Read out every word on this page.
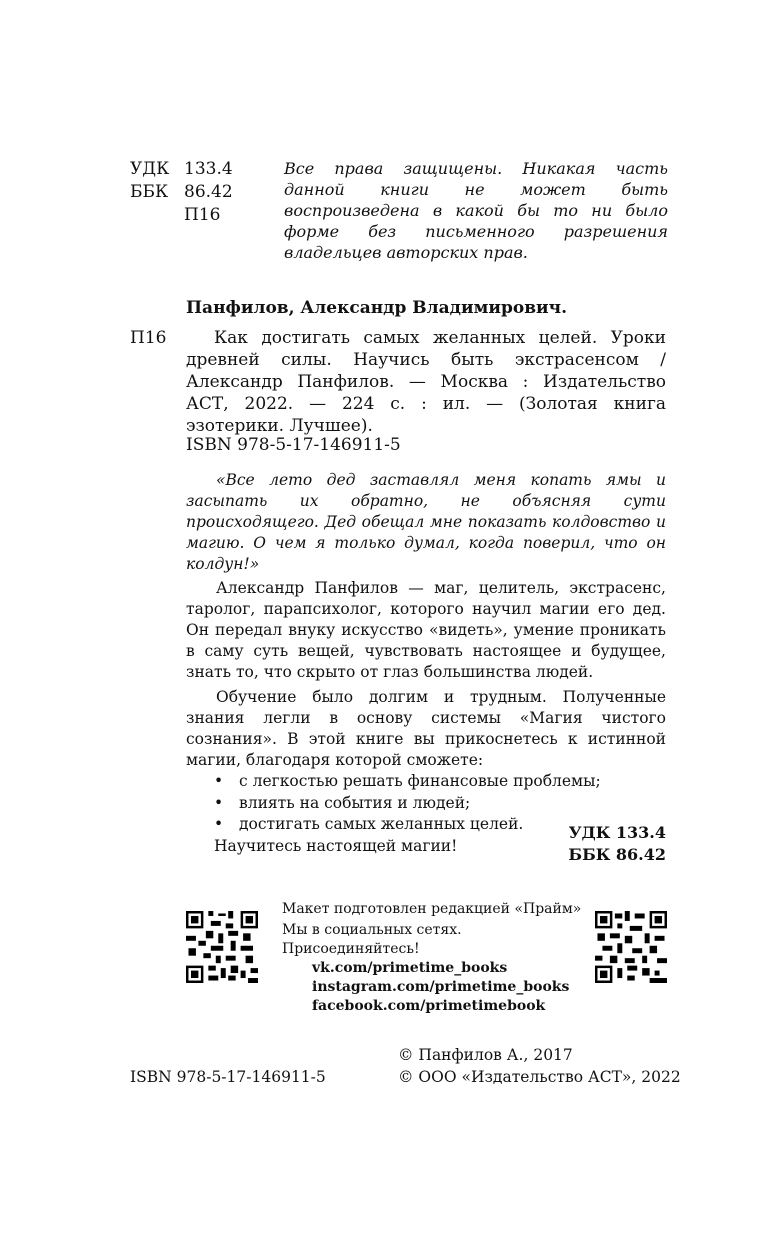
УДК 133.4
ББК 86.42
П16
Все права защищены. Никакая часть данной книги не может быть воспроизведена в какой бы то ни было форме без письменного разрешения владельцев авторских прав.
Панфилов, Александр Владимирович.
П16	Как достигать самых желанных целей. Уроки древней силы. Научись быть экстрасенсом / Александр Панфилов. — Москва : Издательство АСТ, 2022. — 224 с. : ил. — (Золотая книга эзотерики. Лучшее).
ISBN 978-5-17-146911-5
«Все лето дед заставлял меня копать ямы и засыпать их обратно, не объясняя сути происходящего. Дед обещал мне показать колдовство и магию. О чем я только думал, когда поверил, что он колдун!»

Александр Панфилов — маг, целитель, экстрасенс, таролог, парапсихолог, которого научил магии его дед. Он передал внуку искусство «видеть», умение проникать в саму суть вещей, чувствовать настоящее и будущее, знать то, что скрыто от глаз большинства людей.

Обучение было долгим и трудным. Полученные знания легли в основу системы «Магия чистого сознания». В этой книге вы прикоснетесь к истинной магии, благодаря которой сможете:

• с легкостью решать финансовые проблемы;
• влиять на события и людей;
• достигать самых желанных целей.
Научитесь настоящей магии!
УДК 133.4
ББК 86.42
Макет подготовлен редакцией «Прайм»
Мы в социальных сетях. Присоединяйтесь!
vk.com/primetime_books
instagram.com/primetime_books
facebook.com/primetimebook
ISBN 978-5-17-146911-5
© Панфилов А., 2017
© ООО «Издательство АСТ», 2022
